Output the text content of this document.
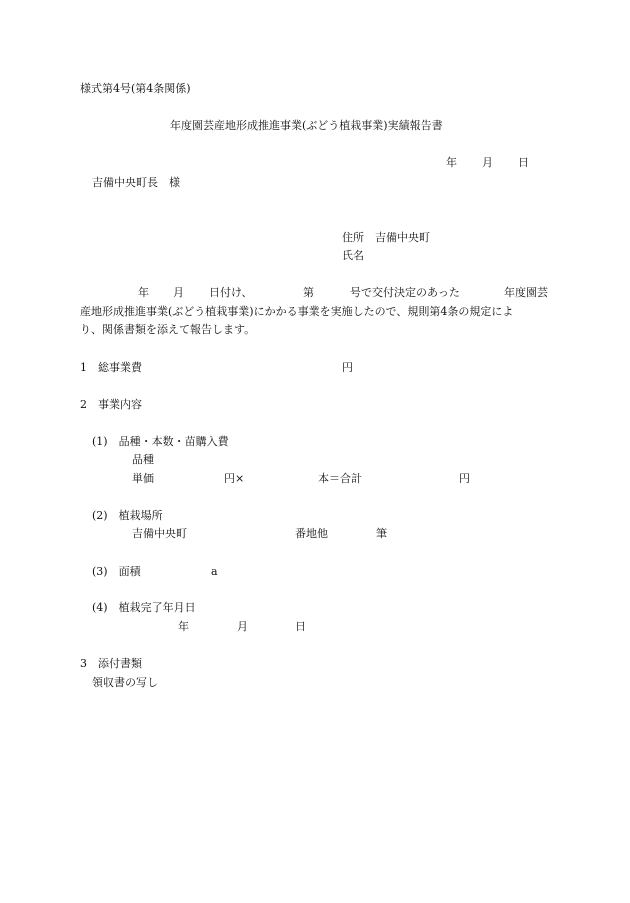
様式第4号(第4条関係)
年度園芸産地形成推進事業(ぶどう植栽事業)実績報告書
年 月 日
吉備中央町長　様
住所　吉備中央町
氏名
年 月 日付け、	第	号で交付決定のあった	年度園芸
産地形成推進事業(ぶどう植栽事業)にかかる事業を実施したので、規則第4条の規定によ
り、関係書類を添えて報告します。
1　総事業費	円
2　事業内容
(1)　品種・本数・苗購入費
品種
単価	円×	本＝合計	円
(2)　植栽場所
吉備中央町	番地他	筆
(3)　面積	a
(4)　植栽完了年月日
年	月	日
3　添付書類
領収書の写し
